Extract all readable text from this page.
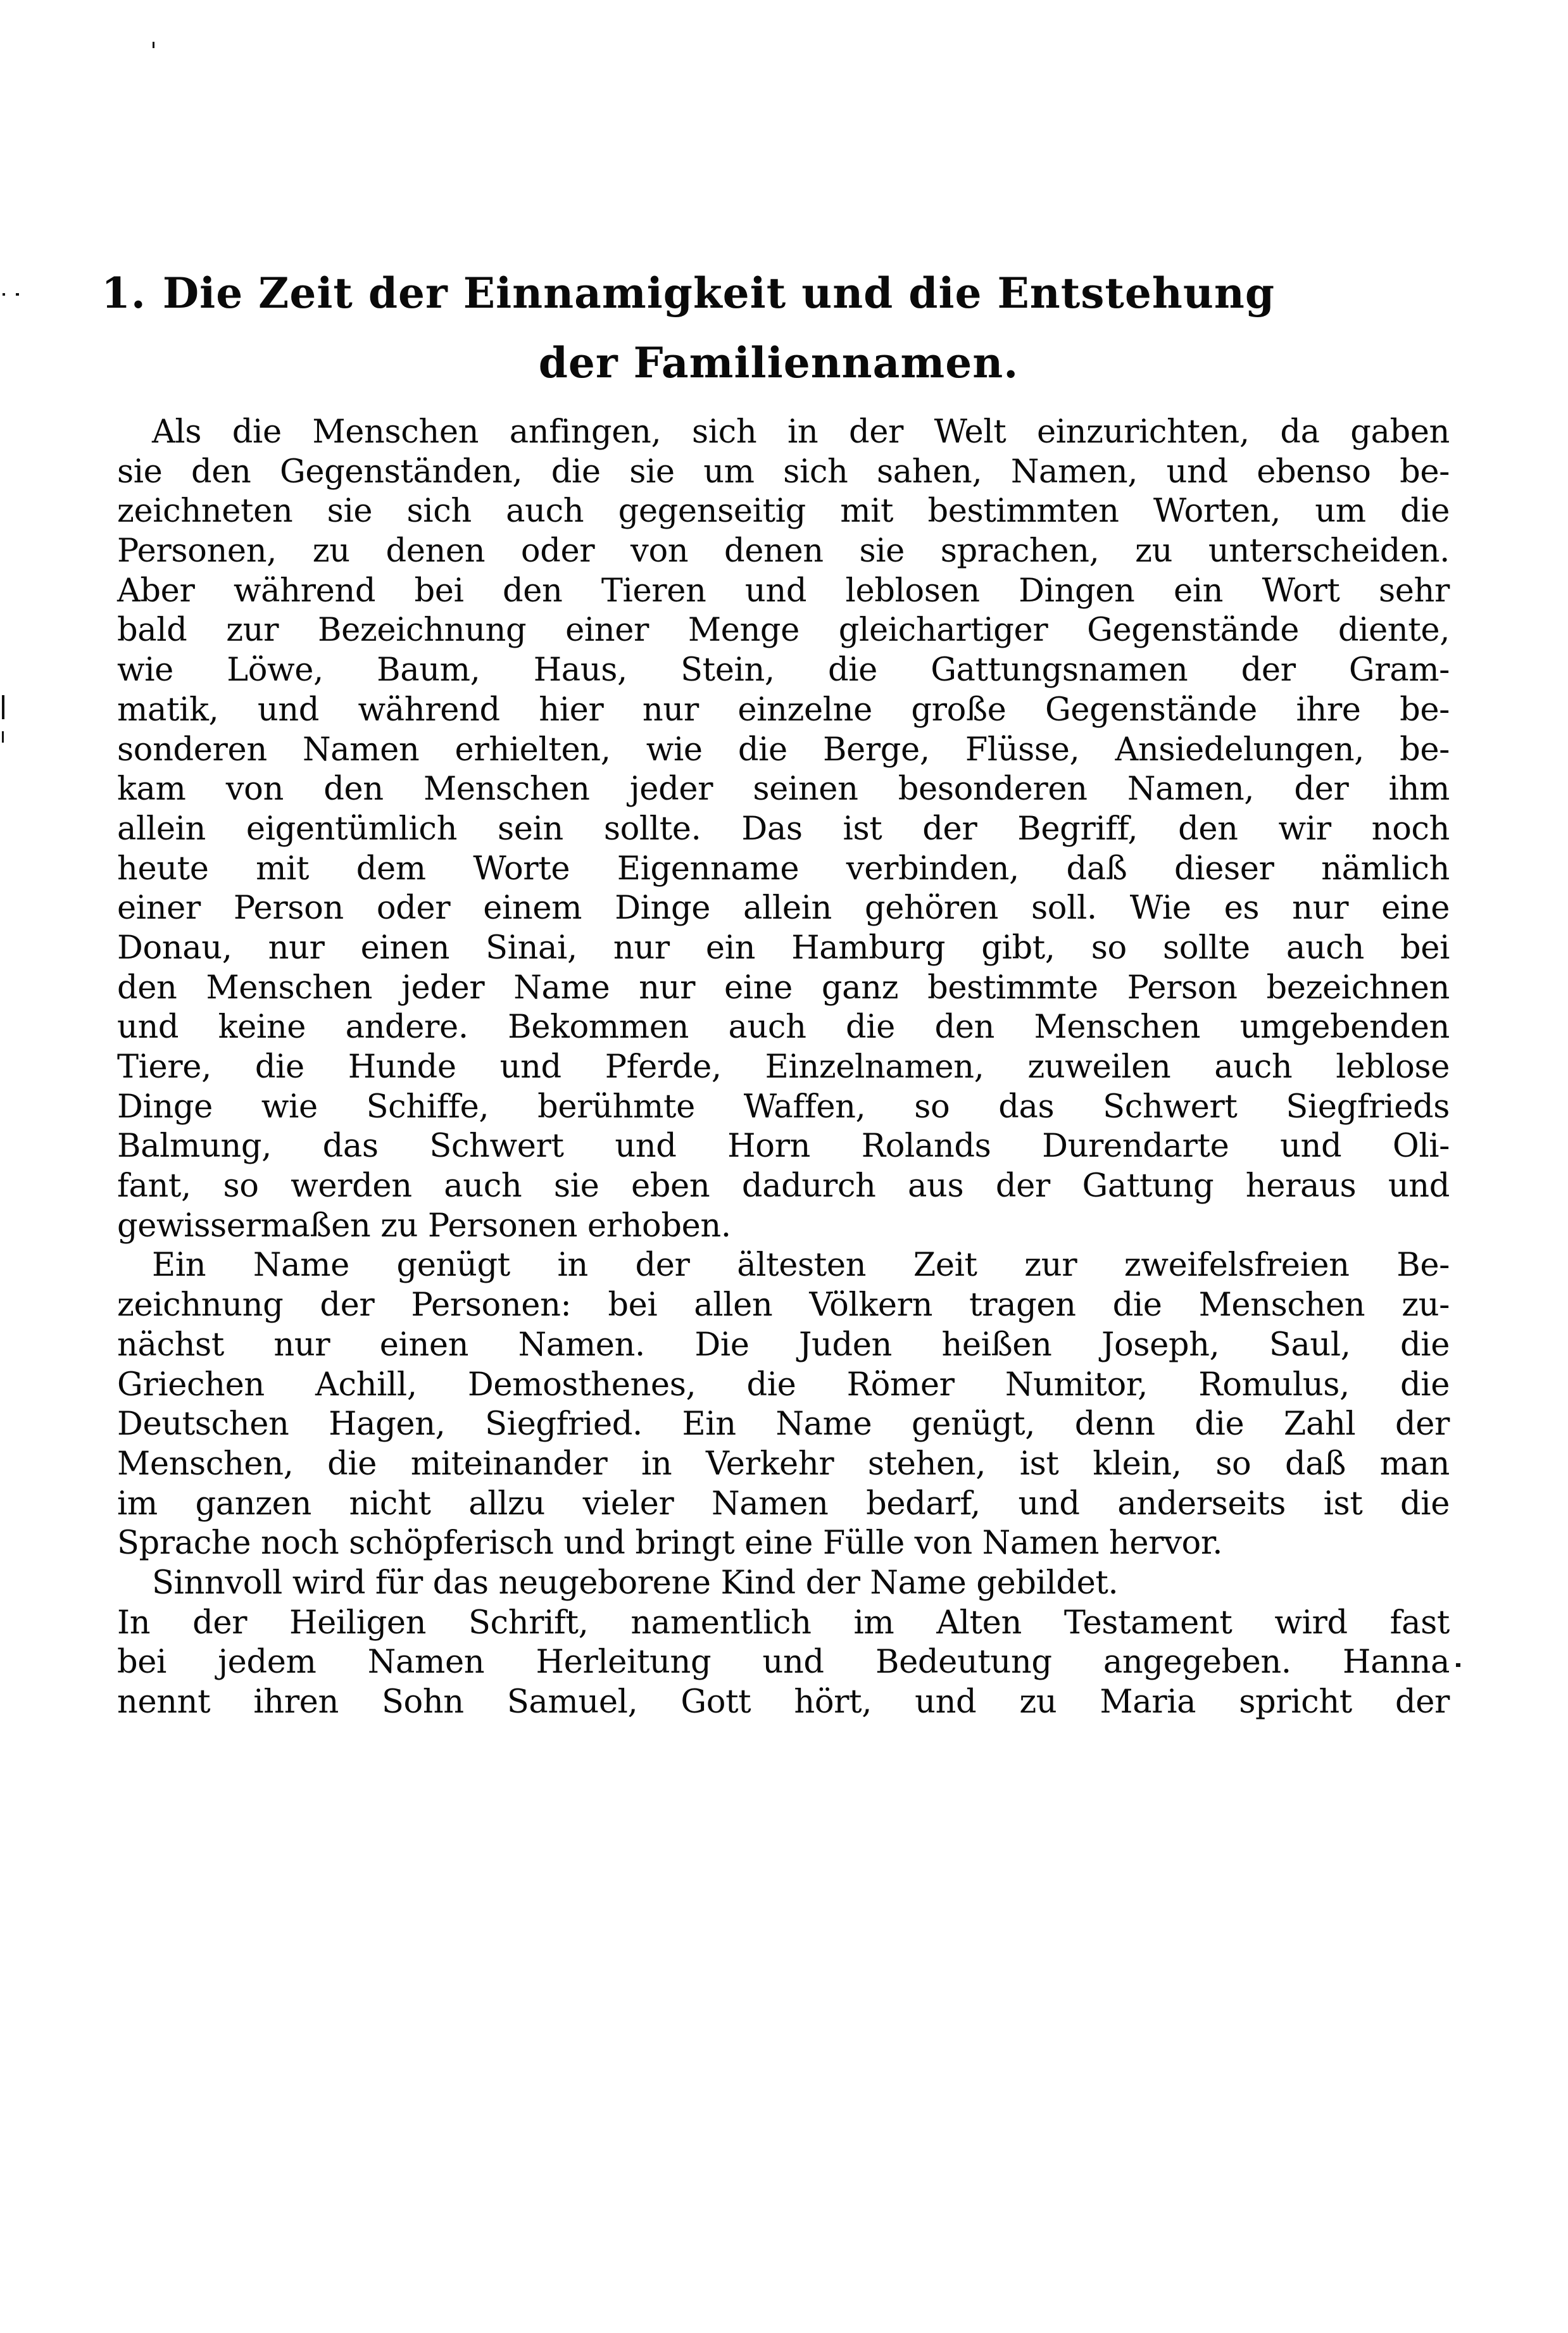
1. Die Zeit der Einnamigkeit und die Entstehung
der Familiennamen.
Als die Menschen anfingen, sich in der Welt einzurichten, da gaben
sie den Gegenständen, die sie um sich sahen, Namen, und ebenso be-
zeichneten sie sich auch gegenseitig mit bestimmten Worten, um die
Personen, zu denen oder von denen sie sprachen, zu unterscheiden.
Aber während bei den Tieren und leblosen Dingen ein Wort sehr
bald zur Bezeichnung einer Menge gleichartiger Gegenstände diente,
wie Löwe, Baum, Haus, Stein, die Gattungsnamen der Gram-
matik, und während hier nur einzelne große Gegenstände ihre be-
sonderen Namen erhielten, wie die Berge, Flüsse, Ansiedelungen, be-
kam von den Menschen jeder seinen besonderen Namen, der ihm
allein eigentümlich sein sollte. Das ist der Begriff, den wir noch
heute mit dem Worte Eigenname verbinden, daß dieser nämlich
einer Person oder einem Dinge allein gehören soll. Wie es nur eine
Donau, nur einen Sinai, nur ein Hamburg gibt, so sollte auch bei
den Menschen jeder Name nur eine ganz bestimmte Person bezeichnen
und keine andere. Bekommen auch die den Menschen umgebenden
Tiere, die Hunde und Pferde, Einzelnamen, zuweilen auch leblose
Dinge wie Schiffe, berühmte Waffen, so das Schwert Siegfrieds
Balmung, das Schwert und Horn Rolands Durendarte und Oli-
fant, so werden auch sie eben dadurch aus der Gattung heraus und
gewissermaßen zu Personen erhoben.
Ein Name genügt in der ältesten Zeit zur zweifelsfreien Be-
zeichnung der Personen: bei allen Völkern tragen die Menschen zu-
nächst nur einen Namen. Die Juden heißen Joseph, Saul, die
Griechen Achill, Demosthenes, die Römer Numitor, Romulus, die
Deutschen Hagen, Siegfried. Ein Name genügt, denn die Zahl der
Menschen, die miteinander in Verkehr stehen, ist klein, so daß man
im ganzen nicht allzu vieler Namen bedarf, und anderseits ist die
Sprache noch schöpferisch und bringt eine Fülle von Namen hervor.
Sinnvoll wird für das neugeborene Kind der Name gebildet.
In der Heiligen Schrift, namentlich im Alten Testament wird fast
bei jedem Namen Herleitung und Bedeutung angegeben. Hanna
nennt ihren Sohn Samuel, Gott hört, und zu Maria spricht der
